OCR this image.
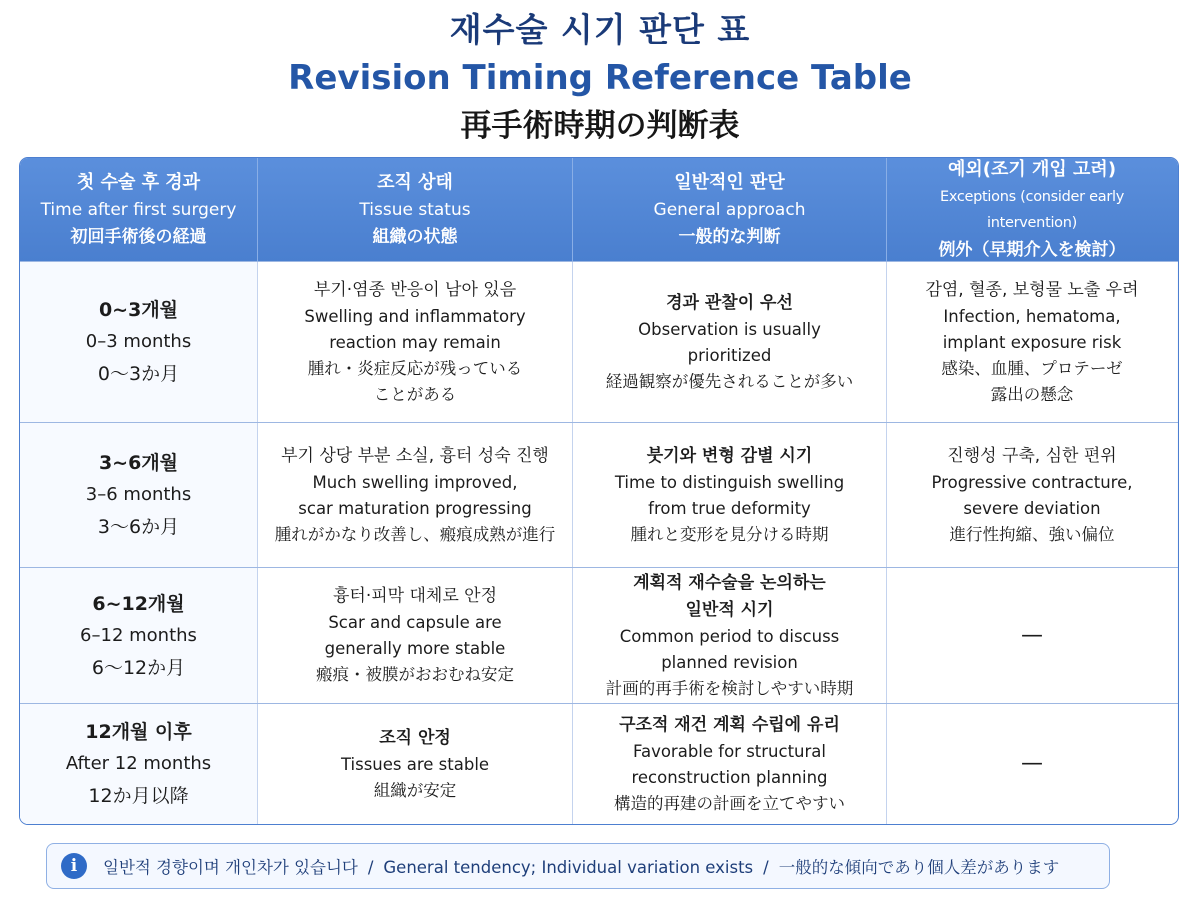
재수술 시기 판단 표
Revision Timing Reference Table
再手術時期の判断表
첫 수술 후 경과
Time after first surgery
初回手術後の経過
조직 상태
Tissue status
組織の状態
일반적인 판단
General approach
一般的な判断
예외(조기 개입 고려)
Exceptions (consider early intervention)
例外（早期介入を検討）
0~3개월
0–3 months
0～3か月
부기·염종 반응이 남아 있음
Swelling and inflammatory
reaction may remain
腫れ・炎症反応が残っている
ことがある
경과 관찰이 우선
Observation is usually
prioritized
経過観察が優先されることが多い
감염, 혈종, 보형물 노출 우려
Infection, hematoma,
implant exposure risk
感染、血腫、プロテーゼ
露出の懸念
3~6개월
3–6 months
3～6か月
부기 상당 부분 소실, 흉터 성숙 진행
Much swelling improved,
scar maturation progressing
腫れがかなり改善し、瘢痕成熟が進行
붓기와 변형 감별 시기
Time to distinguish swelling
from true deformity
腫れと変形を見分ける時期
진행성 구축, 심한 편위
Progressive contracture,
severe deviation
進行性拘縮、強い偏位
6~12개월
6–12 months
6～12か月
흉터·피막 대체로 안정
Scar and capsule are
generally more stable
瘢痕・被膜がおおむね安定
계획적 재수술을 논의하는
일반적 시기
Common period to discuss
planned revision
計画的再手術を検討しやすい時期
—
12개월 이후
After 12 months
12か月以降
조직 안정
Tissues are stable
組織が安定
구조적 재건 계획 수립에 유리
Favorable for structural
reconstruction planning
構造的再建の計画を立てやすい
—
i	일반적 경향이며 개인차가 있습니다 / General tendency; Individual variation exists / 一般的な傾向であり個人差があります
